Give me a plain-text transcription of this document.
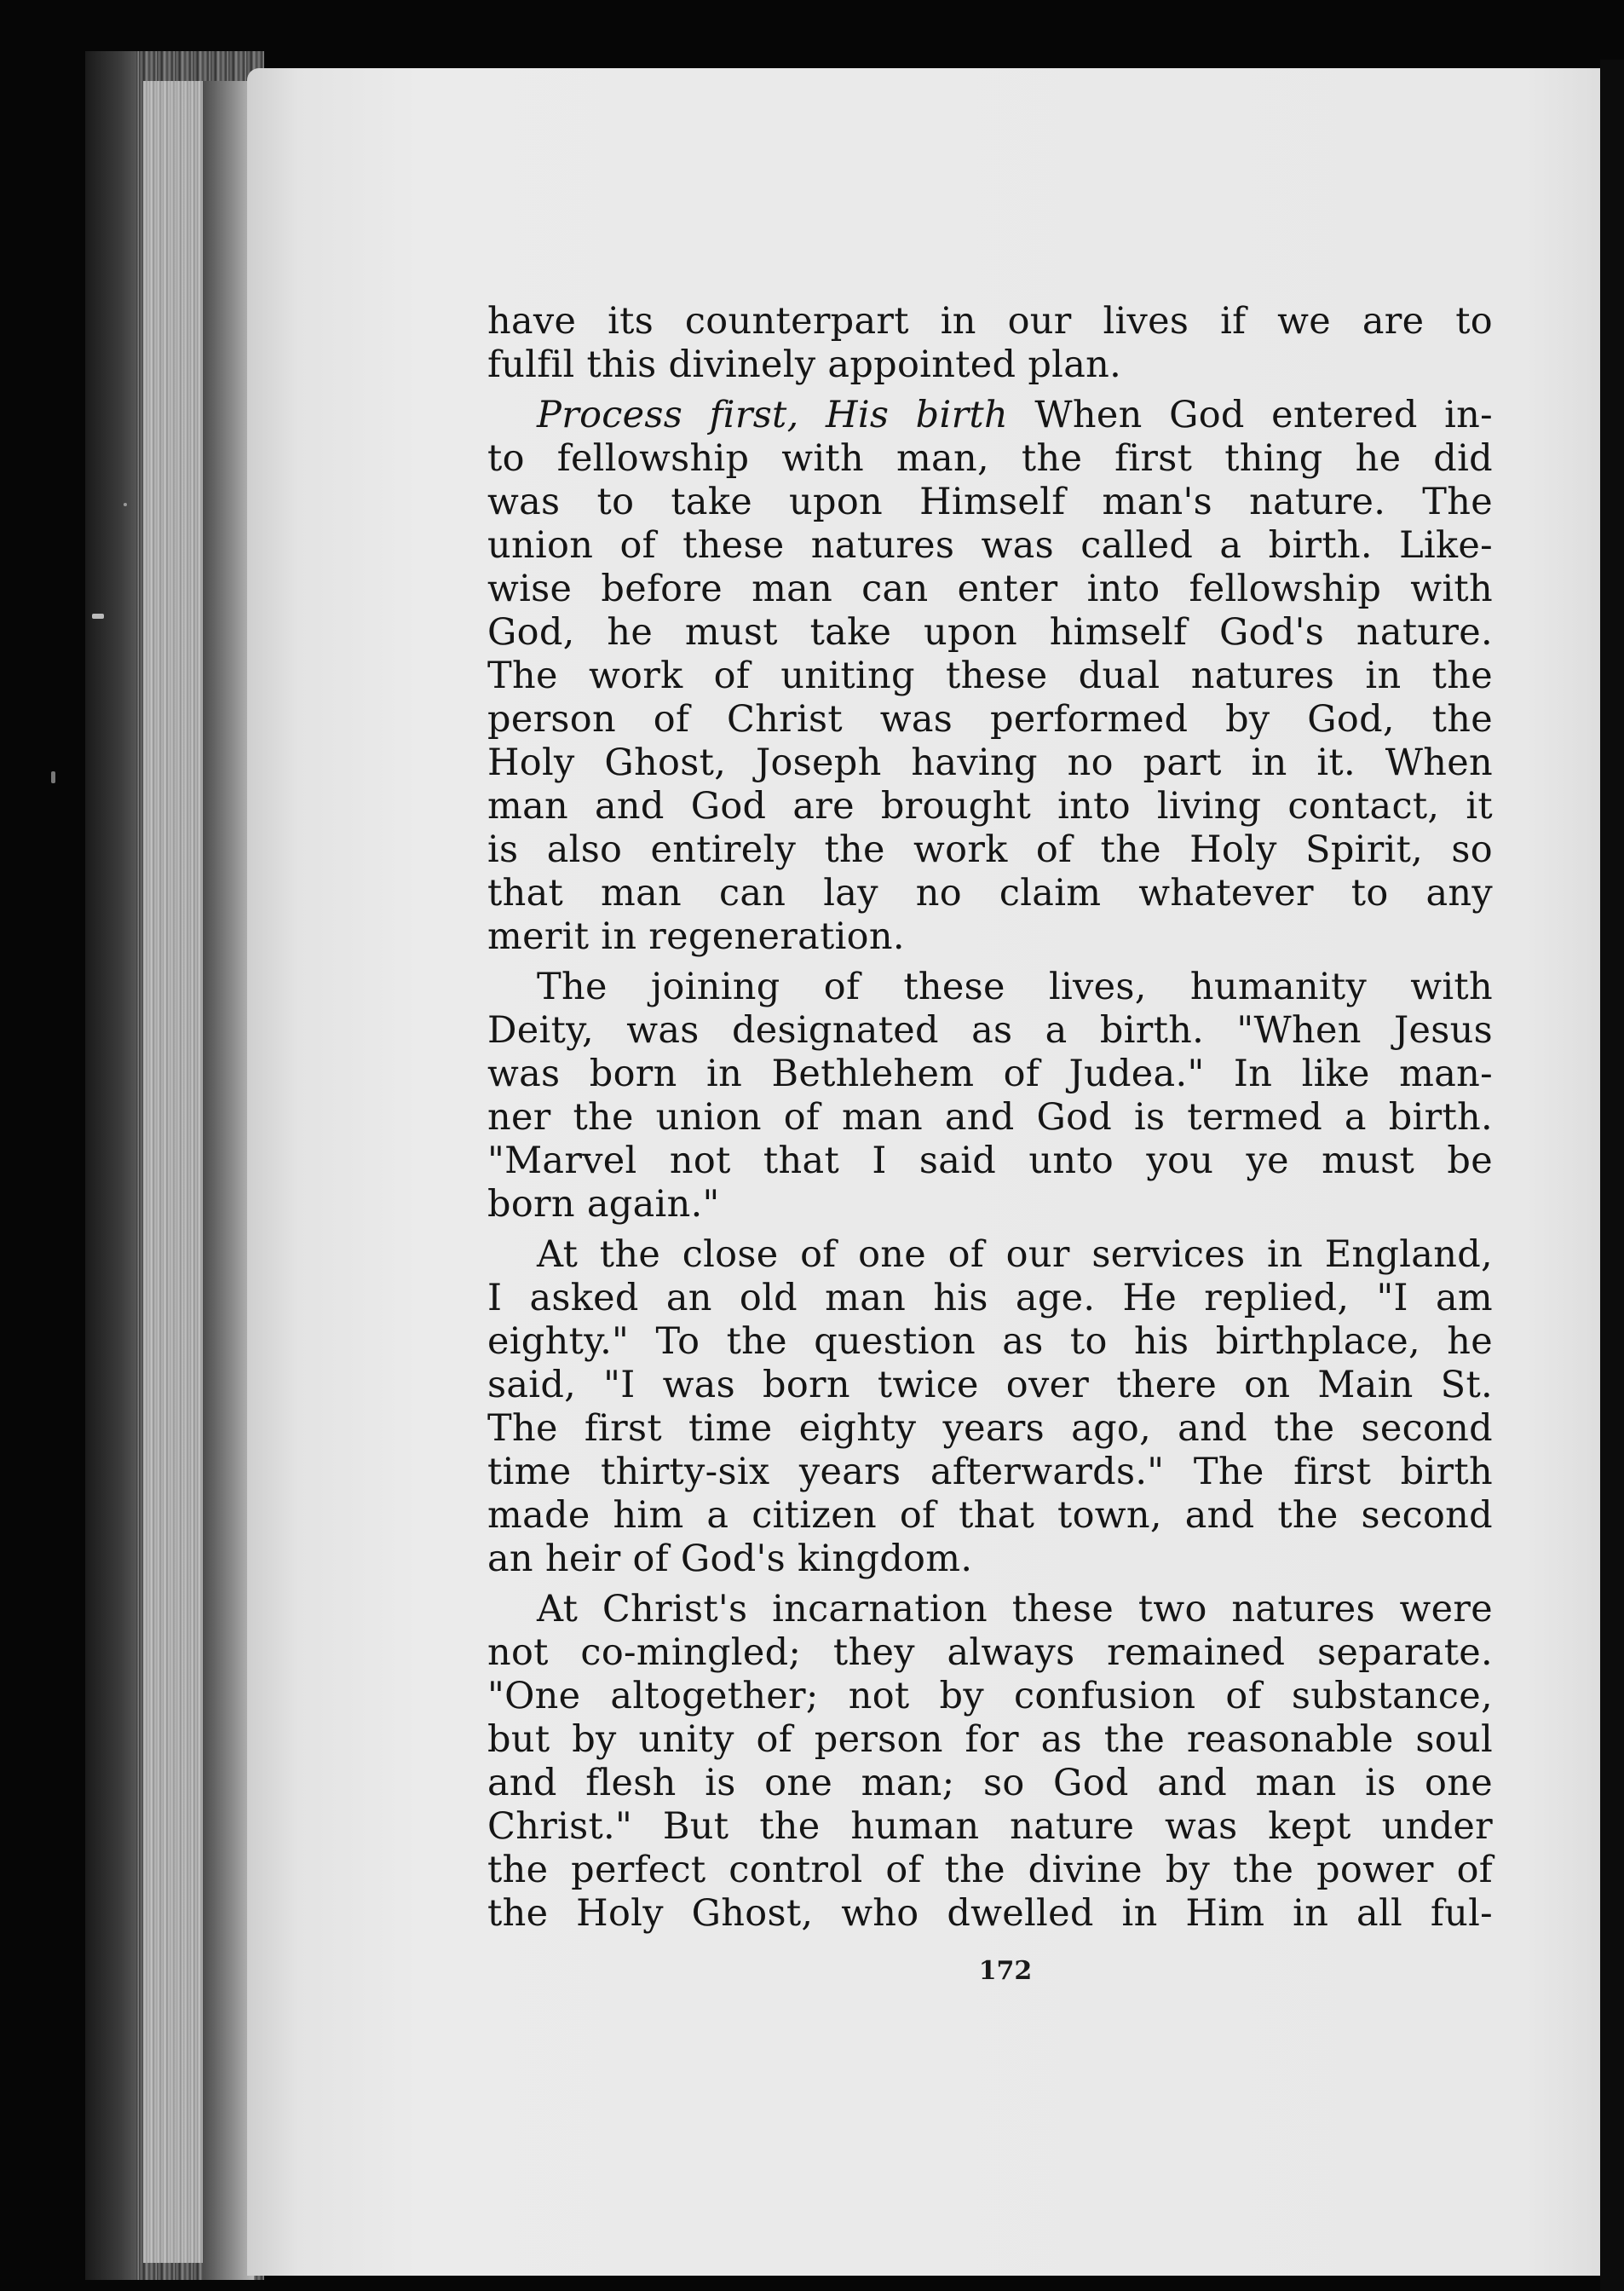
have its counterpart in our lives if we are to
fulfil this divinely appointed plan.
Process first, His birth When God entered in-
to fellowship with man, the first thing he did
was to take upon Himself man's nature. The
union of these natures was called a birth. Like-
wise before man can enter into fellowship with
God, he must take upon himself God's nature.
The work of uniting these dual natures in the
person of Christ was performed by God, the
Holy Ghost, Joseph having no part in it. When
man and God are brought into living contact, it
is also entirely the work of the Holy Spirit, so
that man can lay no claim whatever to any
merit in regeneration.
The joining of these lives, humanity with
Deity, was designated as a birth. "When Jesus
was born in Bethlehem of Judea." In like man-
ner the union of man and God is termed a birth.
"Marvel not that I said unto you ye must be
born again."
At the close of one of our services in England,
I asked an old man his age. He replied, "I am
eighty." To the question as to his birthplace, he
said, "I was born twice over there on Main St.
The first time eighty years ago, and the second
time thirty-six years afterwards." The first birth
made him a citizen of that town, and the second
an heir of God's kingdom.
At Christ's incarnation these two natures were
not co-mingled; they always remained separate.
"One altogether; not by confusion of substance,
but by unity of person for as the reasonable soul
and flesh is one man; so God and man is one
Christ." But the human nature was kept under
the perfect control of the divine by the power of
the Holy Ghost, who dwelled in Him in all ful-
172
